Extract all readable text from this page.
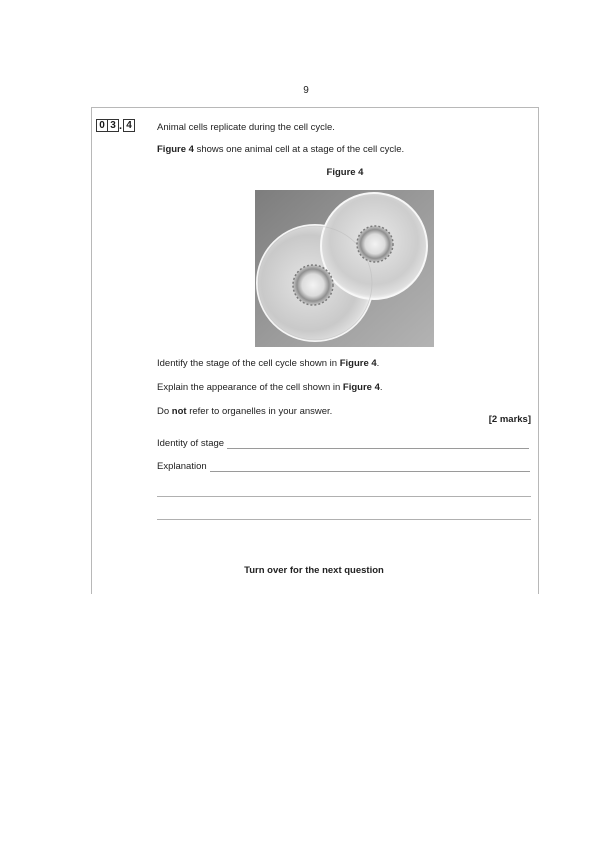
9
0 3 . 4	Animal cells replicate during the cell cycle.
Figure 4 shows one animal cell at a stage of the cell cycle.
Figure 4
Identify the stage of the cell cycle shown in Figure 4.
Explain the appearance of the cell shown in Figure 4.
Do not refer to organelles in your answer.
[2 marks]
Identity of stage
Explanation
Turn over for the next question
